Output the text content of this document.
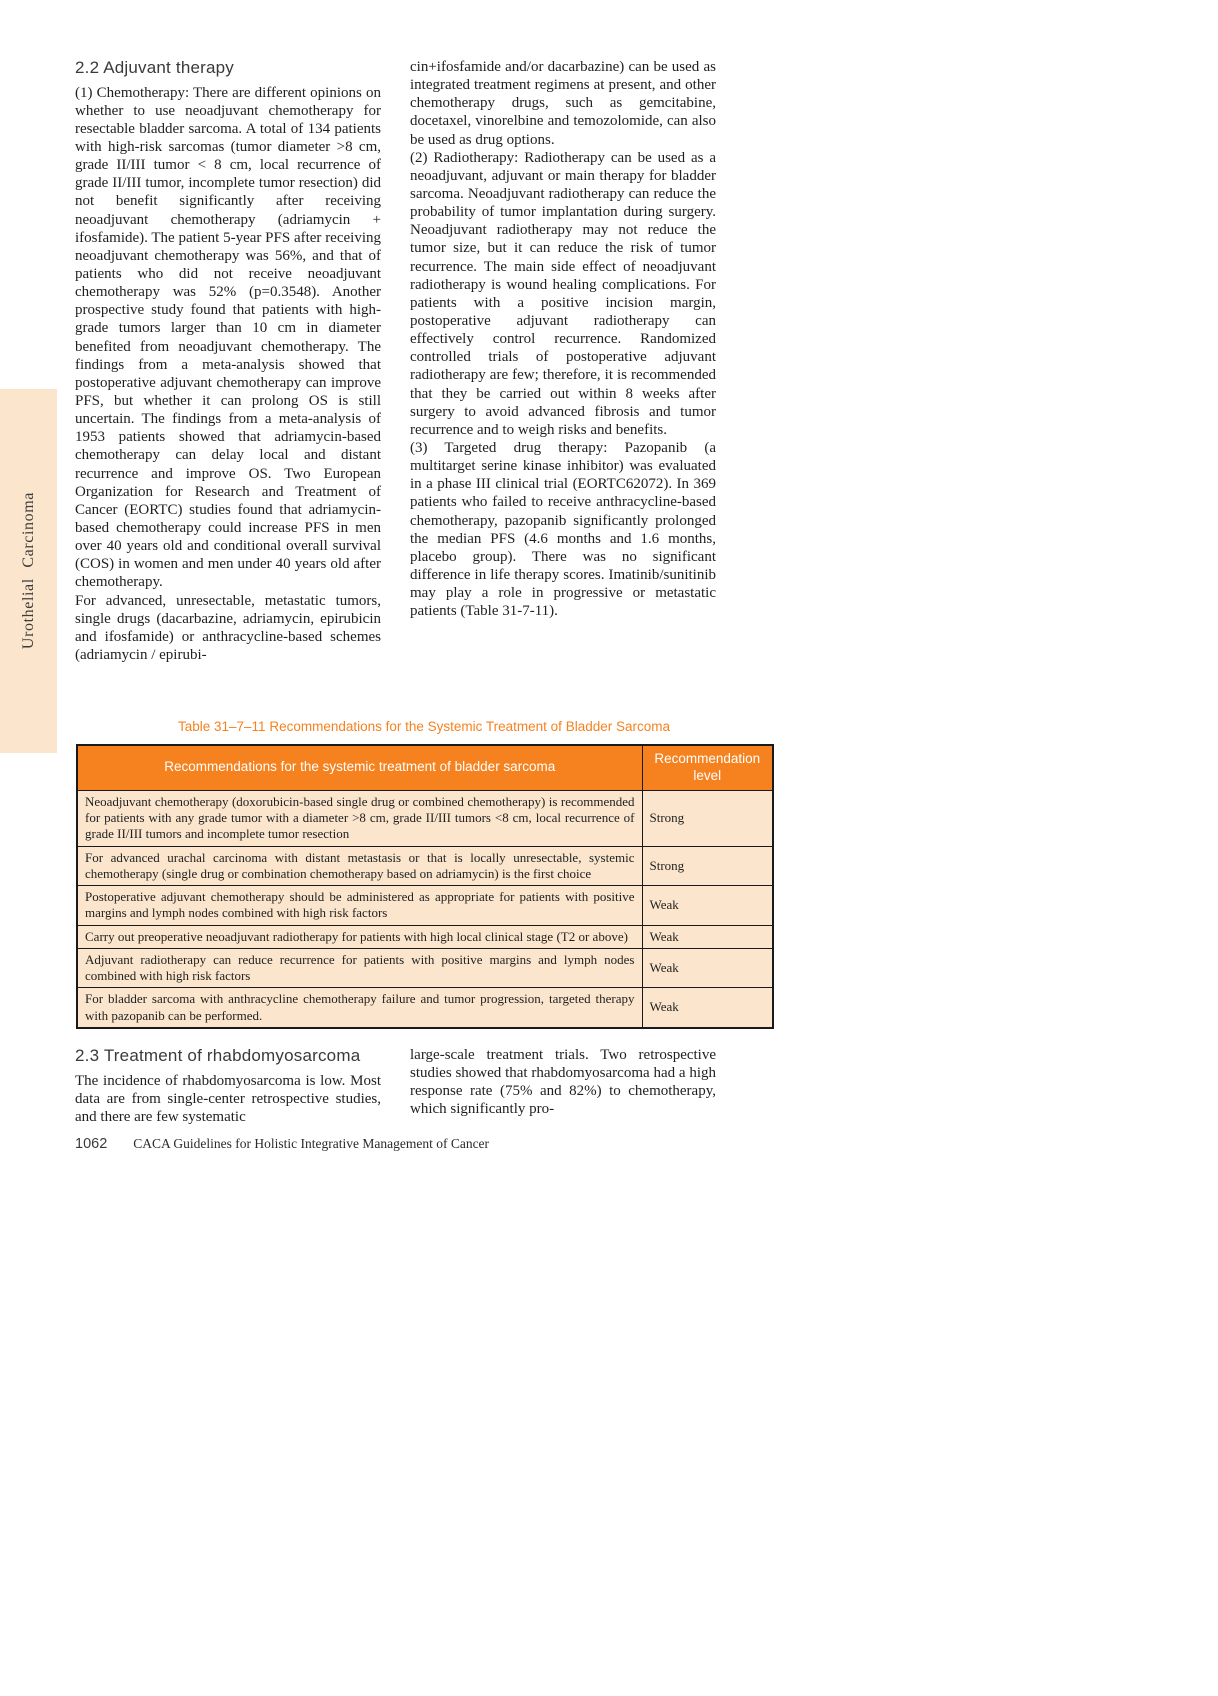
Urothelial Carcinoma
2.2 Adjuvant therapy

(1) Chemotherapy: There are different opinions on whether to use neoadjuvant chemotherapy for resectable bladder sarcoma. A total of 134 patients with high-risk sarcomas (tumor diameter >8 cm, grade II/III tumor < 8 cm, local recurrence of grade II/III tumor, incomplete tumor resection) did not benefit significantly after receiving neoadjuvant chemotherapy (adriamycin + ifosfamide). The patient 5-year PFS after receiving neoadjuvant chemotherapy was 56%, and that of patients who did not receive neoadjuvant chemotherapy was 52% (p=0.3548). Another prospective study found that patients with high-grade tumors larger than 10 cm in diameter benefited from neoadjuvant chemotherapy. The findings from a meta-analysis showed that postoperative adjuvant chemotherapy can improve PFS, but whether it can prolong OS is still uncertain. The findings from a meta-analysis of 1953 patients showed that adriamycin-based chemotherapy can delay local and distant recurrence and improve OS. Two European Organization for Research and Treatment of Cancer (EORTC) studies found that adriamycin-based chemotherapy could increase PFS in men over 40 years old and conditional overall survival (COS) in women and men under 40 years old after chemotherapy.

For advanced, unresectable, metastatic tumors, single drugs (dacarbazine, adriamycin, epirubicin and ifosfamide) or anthracycline-based schemes (adriamycin / epirubi-

cin+ifosfamide and/or dacarbazine) can be used as integrated treatment regimens at present, and other chemotherapy drugs, such as gemcitabine, docetaxel, vinorelbine and temozolomide, can also be used as drug options.

(2) Radiotherapy: Radiotherapy can be used as a neoadjuvant, adjuvant or main therapy for bladder sarcoma. Neoadjuvant radiotherapy can reduce the probability of tumor implantation during surgery. Neoadjuvant radiotherapy may not reduce the tumor size, but it can reduce the risk of tumor recurrence. The main side effect of neoadjuvant radiotherapy is wound healing complications. For patients with a positive incision margin, postoperative adjuvant radiotherapy can effectively control recurrence. Randomized controlled trials of postoperative adjuvant radiotherapy are few; therefore, it is recommended that they be carried out within 8 weeks after surgery to avoid advanced fibrosis and tumor recurrence and to weigh risks and benefits.

(3) Targeted drug therapy: Pazopanib (a multitarget serine kinase inhibitor) was evaluated in a phase III clinical trial (EORTC62072). In 369 patients who failed to receive anthracycline-based chemotherapy, pazopanib significantly prolonged the median PFS (4.6 months and 1.6 months, placebo group). There was no significant difference in life therapy scores. Imatinib/sunitinib may play a role in progressive or metastatic patients (Table 31-7-11).

Table 31–7–11 Recommendations for the Systemic Treatment of Bladder Sarcoma
Recommendations for the systemic treatment of bladder sarcoma	Recommendation level
Neoadjuvant chemotherapy (doxorubicin-based single drug or combined chemotherapy) is recommended for patients with any grade tumor with a diameter >8 cm, grade II/III tumors <8 cm, local recurrence of grade II/III tumors and incomplete tumor resection	Strong
For advanced urachal carcinoma with distant metastasis or that is locally unresectable, systemic chemotherapy (single drug or combination chemotherapy based on adriamycin) is the first choice	Strong
Postoperative adjuvant chemotherapy should be administered as appropriate for patients with positive margins and lymph nodes combined with high risk factors	Weak
Carry out preoperative neoadjuvant radiotherapy for patients with high local clinical stage (T2 or above)	Weak
Adjuvant radiotherapy can reduce recurrence for patients with positive margins and lymph nodes combined with high risk factors	Weak
For bladder sarcoma with anthracycline chemotherapy failure and tumor progression, targeted therapy with pazopanib can be performed.	Weak
2.3 Treatment of rhabdomyosarcoma

The incidence of rhabdomyosarcoma is low. Most data are from single-center retrospective studies, and there are few systematic

large-scale treatment trials. Two retrospective studies showed that rhabdomyosarcoma had a high response rate (75% and 82%) to chemotherapy, which significantly pro-

1062 CACA Guidelines for Holistic Integrative Management of Cancer
